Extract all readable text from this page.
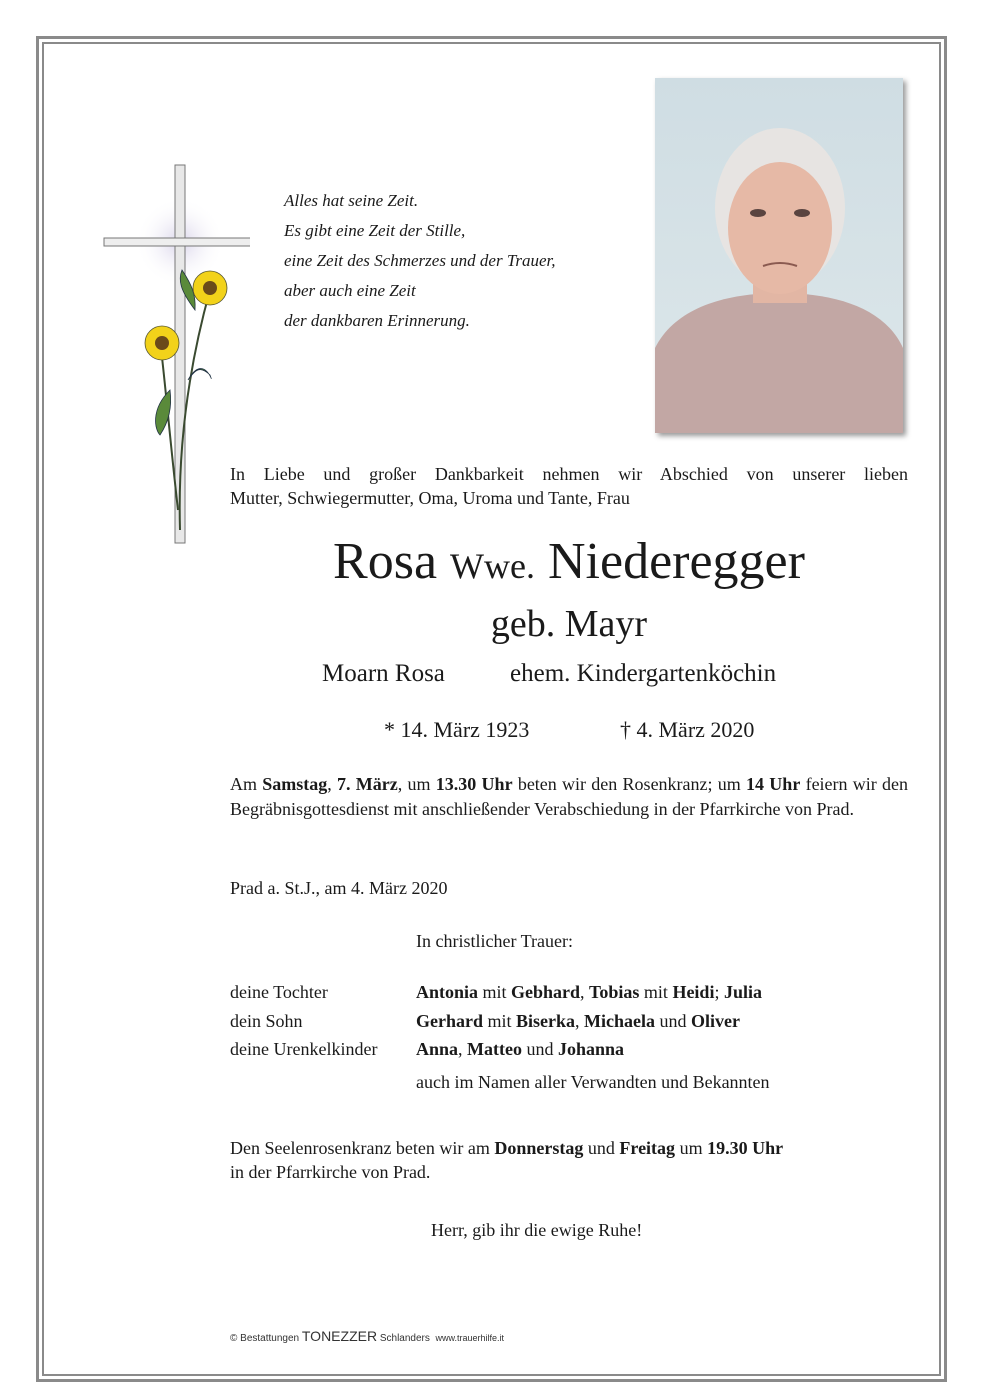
Alles hat seine Zeit.
Es gibt eine Zeit der Stille,
eine Zeit des Schmerzes und der Trauer,
aber auch eine Zeit
der dankbaren Erinnerung.
In Liebe und großer Dankbarkeit nehmen wir Abschied von unserer lieben
Mutter, Schwiegermutter, Oma, Uroma und Tante, Frau
Rosa Wwe. Niederegger
geb. Mayr
Moarn Rosa	ehem. Kindergartenköchin
* 14. März 1923	† 4. März 2020
Am Samstag, 7. März, um 13.30 Uhr beten wir den Rosenkranz; um 14 Uhr feiern wir den Begräbnisgottesdienst mit anschließender Verabschiedung in der Pfarrkirche von Prad.
Prad a. St.J., am 4. März 2020
In christlicher Trauer:
deine Tochter	Antonia mit Gebhard, Tobias mit Heidi; Julia
dein Sohn	Gerhard mit Biserka, Michaela und Oliver
deine Urenkelkinder Anna, Matteo und Johanna
auch im Namen aller Verwandten und Bekannten
Den Seelenrosenkranz beten wir am Donnerstag und Freitag um 19.30 Uhr
in der Pfarrkirche von Prad.
Herr, gib ihr die ewige Ruhe!
© Bestattungen TONEZZER Schlanders www.trauerhilfe.it
